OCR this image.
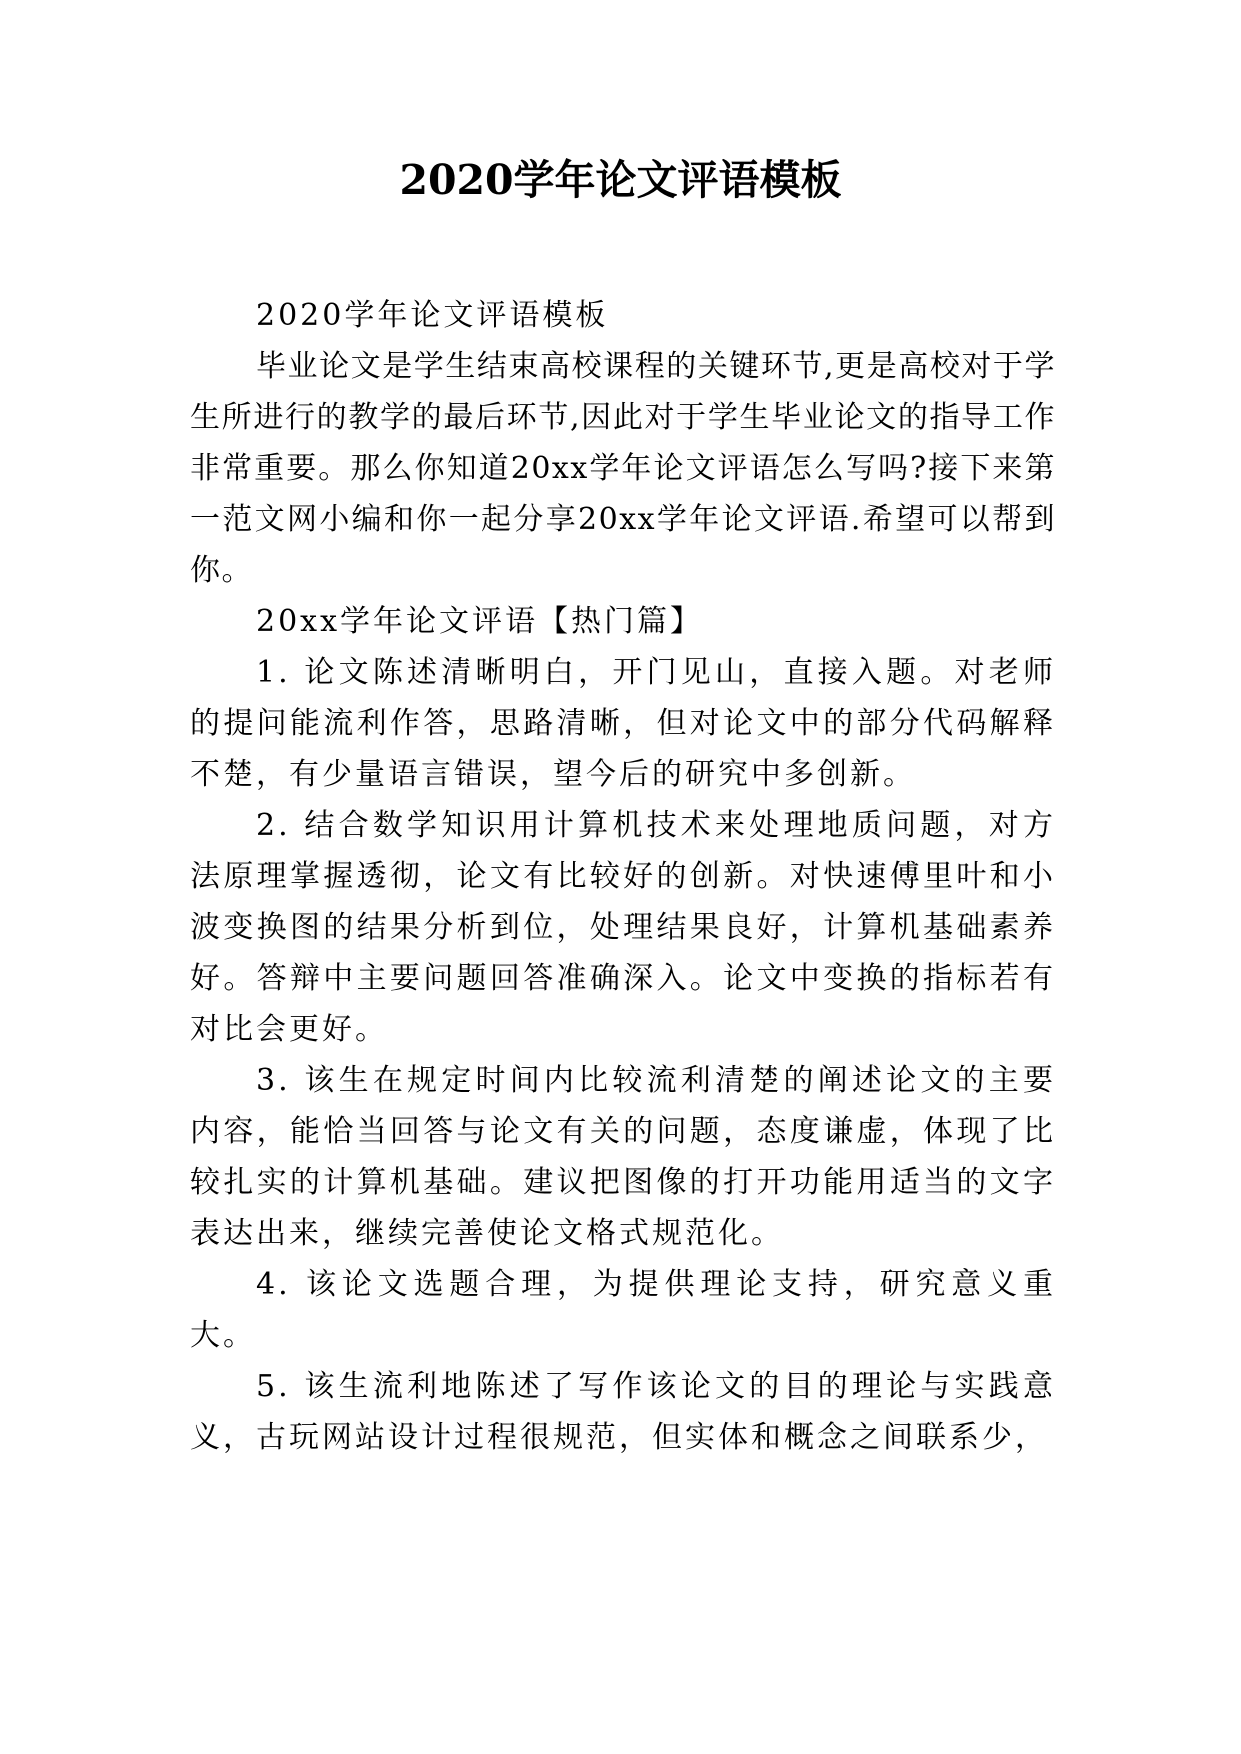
2020学年论文评语模板

2020学年论文评语模板

毕业论文是学生结束高校课程的关键环节,更是高校对于学生所进行的教学的最后环节,因此对于学生毕业论文的指导工作非常重要。那么你知道20xx学年论文评语怎么写吗?接下来第一范文网小编和你一起分享20xx学年论文评语.希望可以帮到你。

20xx学年论文评语【热门篇】

1. 论文陈述清晰明白，开门见山，直接入题。对老师的提问能流利作答，思路清晰，但对论文中的部分代码解释不楚，有少量语言错误，望今后的研究中多创新。

2. 结合数学知识用计算机技术来处理地质问题，对方法原理掌握透彻，论文有比较好的创新。对快速傅里叶和小波变换图的结果分析到位，处理结果良好，计算机基础素养好。答辩中主要问题回答准确深入。论文中变换的指标若有对比会更好。

3. 该生在规定时间内比较流利清楚的阐述论文的主要内容，能恰当回答与论文有关的问题，态度谦虚，体现了比较扎实的计算机基础。建议把图像的打开功能用适当的文字表达出来，继续完善使论文格式规范化。

4. 该论文选题合理，为提供理论支持，研究意义重大。

5. 该生流利地陈述了写作该论文的目的理论与实践意义，古玩网站设计过程很规范，但实体和概念之间联系少，
